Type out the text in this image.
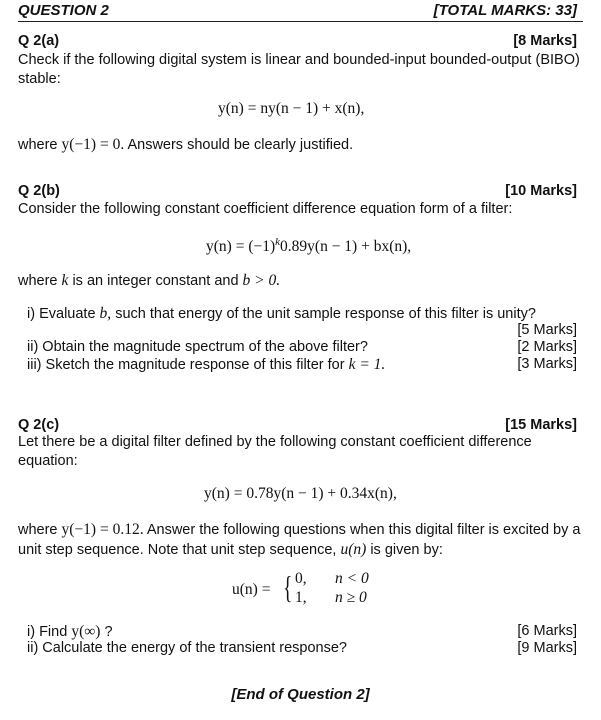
QUESTION 2	[TOTAL MARKS: 33]
Q 2(a)	[8 Marks]
Check if the following digital system is linear and bounded-input bounded-output (BIBO) stable:
y(n) = ny(n − 1) + x(n),
where y(−1) = 0. Answers should be clearly justified.
Q 2(b)	[10 Marks]
Consider the following constant coefficient difference equation form of a filter:
$y(n) = (-1)^k0.89y(n - 1) + bx(n)$,
where k is an integer constant and b > 0.
i) Evaluate b, such that energy of the unit sample response of this filter is unity?
[5 Marks]
ii) Obtain the magnitude spectrum of the above filter?	[2 Marks]
iii) Sketch the magnitude response of this filter for k = 1.	[3 Marks]
Q 2(c)	[15 Marks]
Let there be a digital filter defined by the following constant coefficient difference equation:
y(n) = 0.78y(n − 1) + 0.34x(n),
where y(−1) = 0.12. Answer the following questions when this digital filter is excited by a unit step sequence. Note that unit step sequence, u(n) is given by:
u(n) = { 0,
1,
n < 0
n ≥ 0
i) Find y(∞) ?	[6 Marks]
ii) Calculate the energy of the transient response?	[9 Marks]
[End of Question 2]
